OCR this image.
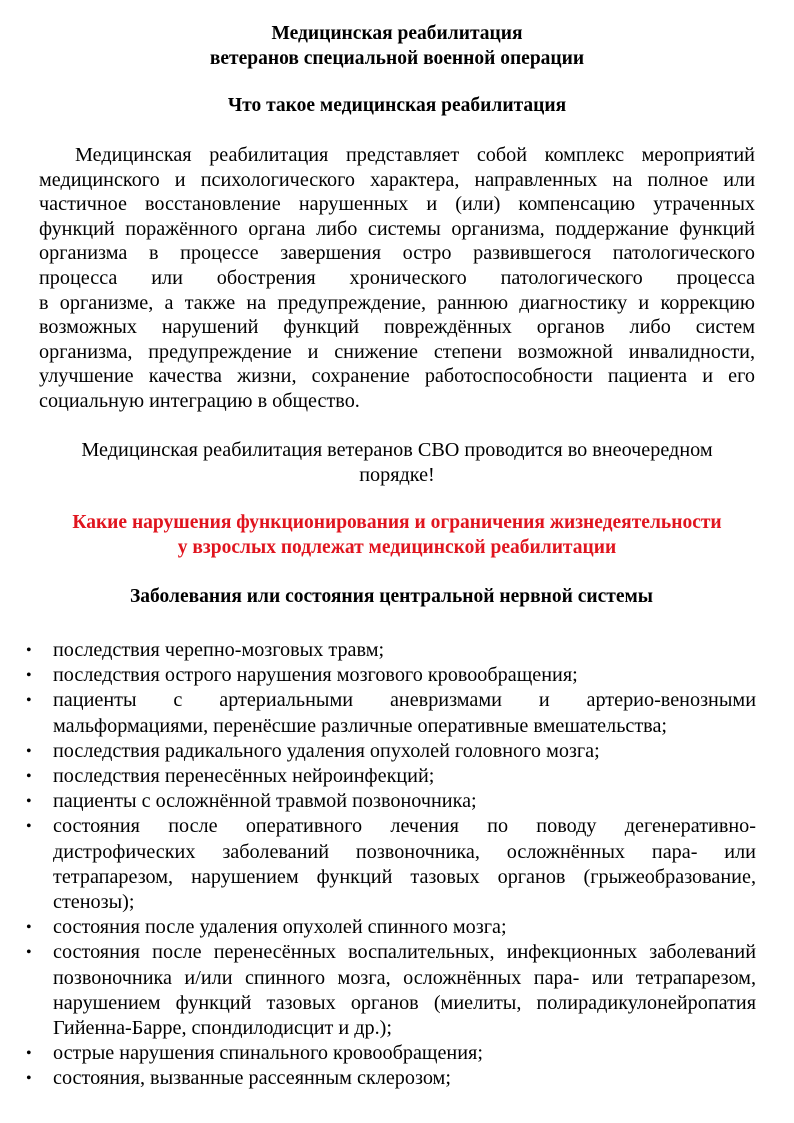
Медицинская реабилитация
ветеранов специальной военной операции
Что такое медицинская реабилитация
Медицинская реабилитация представляет собой комплекс мероприятий
медицинского и психологического характера, направленных на полное или
частичное восстановление нарушенных и (или) компенсацию утраченных
функций поражённого органа либо системы организма, поддержание функций
организма в процессе завершения остро развившегося патологического
процесса или обострения хронического патологического процесса
в организме, а также на предупреждение, раннюю диагностику и коррекцию
возможных нарушений функций повреждённых органов либо систем
организма, предупреждение и снижение степени возможной инвалидности,
улучшение качества жизни, сохранение работоспособности пациента и его
социальную интеграцию в общество.
Медицинская реабилитация ветеранов СВО проводится во внеочередном
порядке!
Какие нарушения функционирования и ограничения жизнедеятельности
у взрослых подлежат медицинской реабилитации
Заболевания или состояния центральной нервной системы
• последствия черепно-мозговых травм;
• последствия острого нарушения мозгового кровообращения;
• пациенты с артериальными аневризмами и артерио-венозными
мальформациями, перенёсшие различные оперативные вмешательства;
• последствия радикального удаления опухолей головного мозга;
• последствия перенесённых нейроинфекций;
• пациенты с осложнённой травмой позвоночника;
• состояния после оперативного лечения по поводу дегенеративно-
дистрофических заболеваний позвоночника, осложнённых пара- или
тетрапарезом, нарушением функций тазовых органов (грыжеобразование,
стенозы);
• состояния после удаления опухолей спинного мозга;
• состояния после перенесённых воспалительных, инфекционных заболеваний
позвоночника и/или спинного мозга, осложнённых пара- или тетрапарезом,
нарушением функций тазовых органов (миелиты, полирадикулонейропатия
Гийенна-Барре, спондилодисцит и др.);
• острые нарушения спинального кровообращения;
• состояния, вызванные рассеянным склерозом;
